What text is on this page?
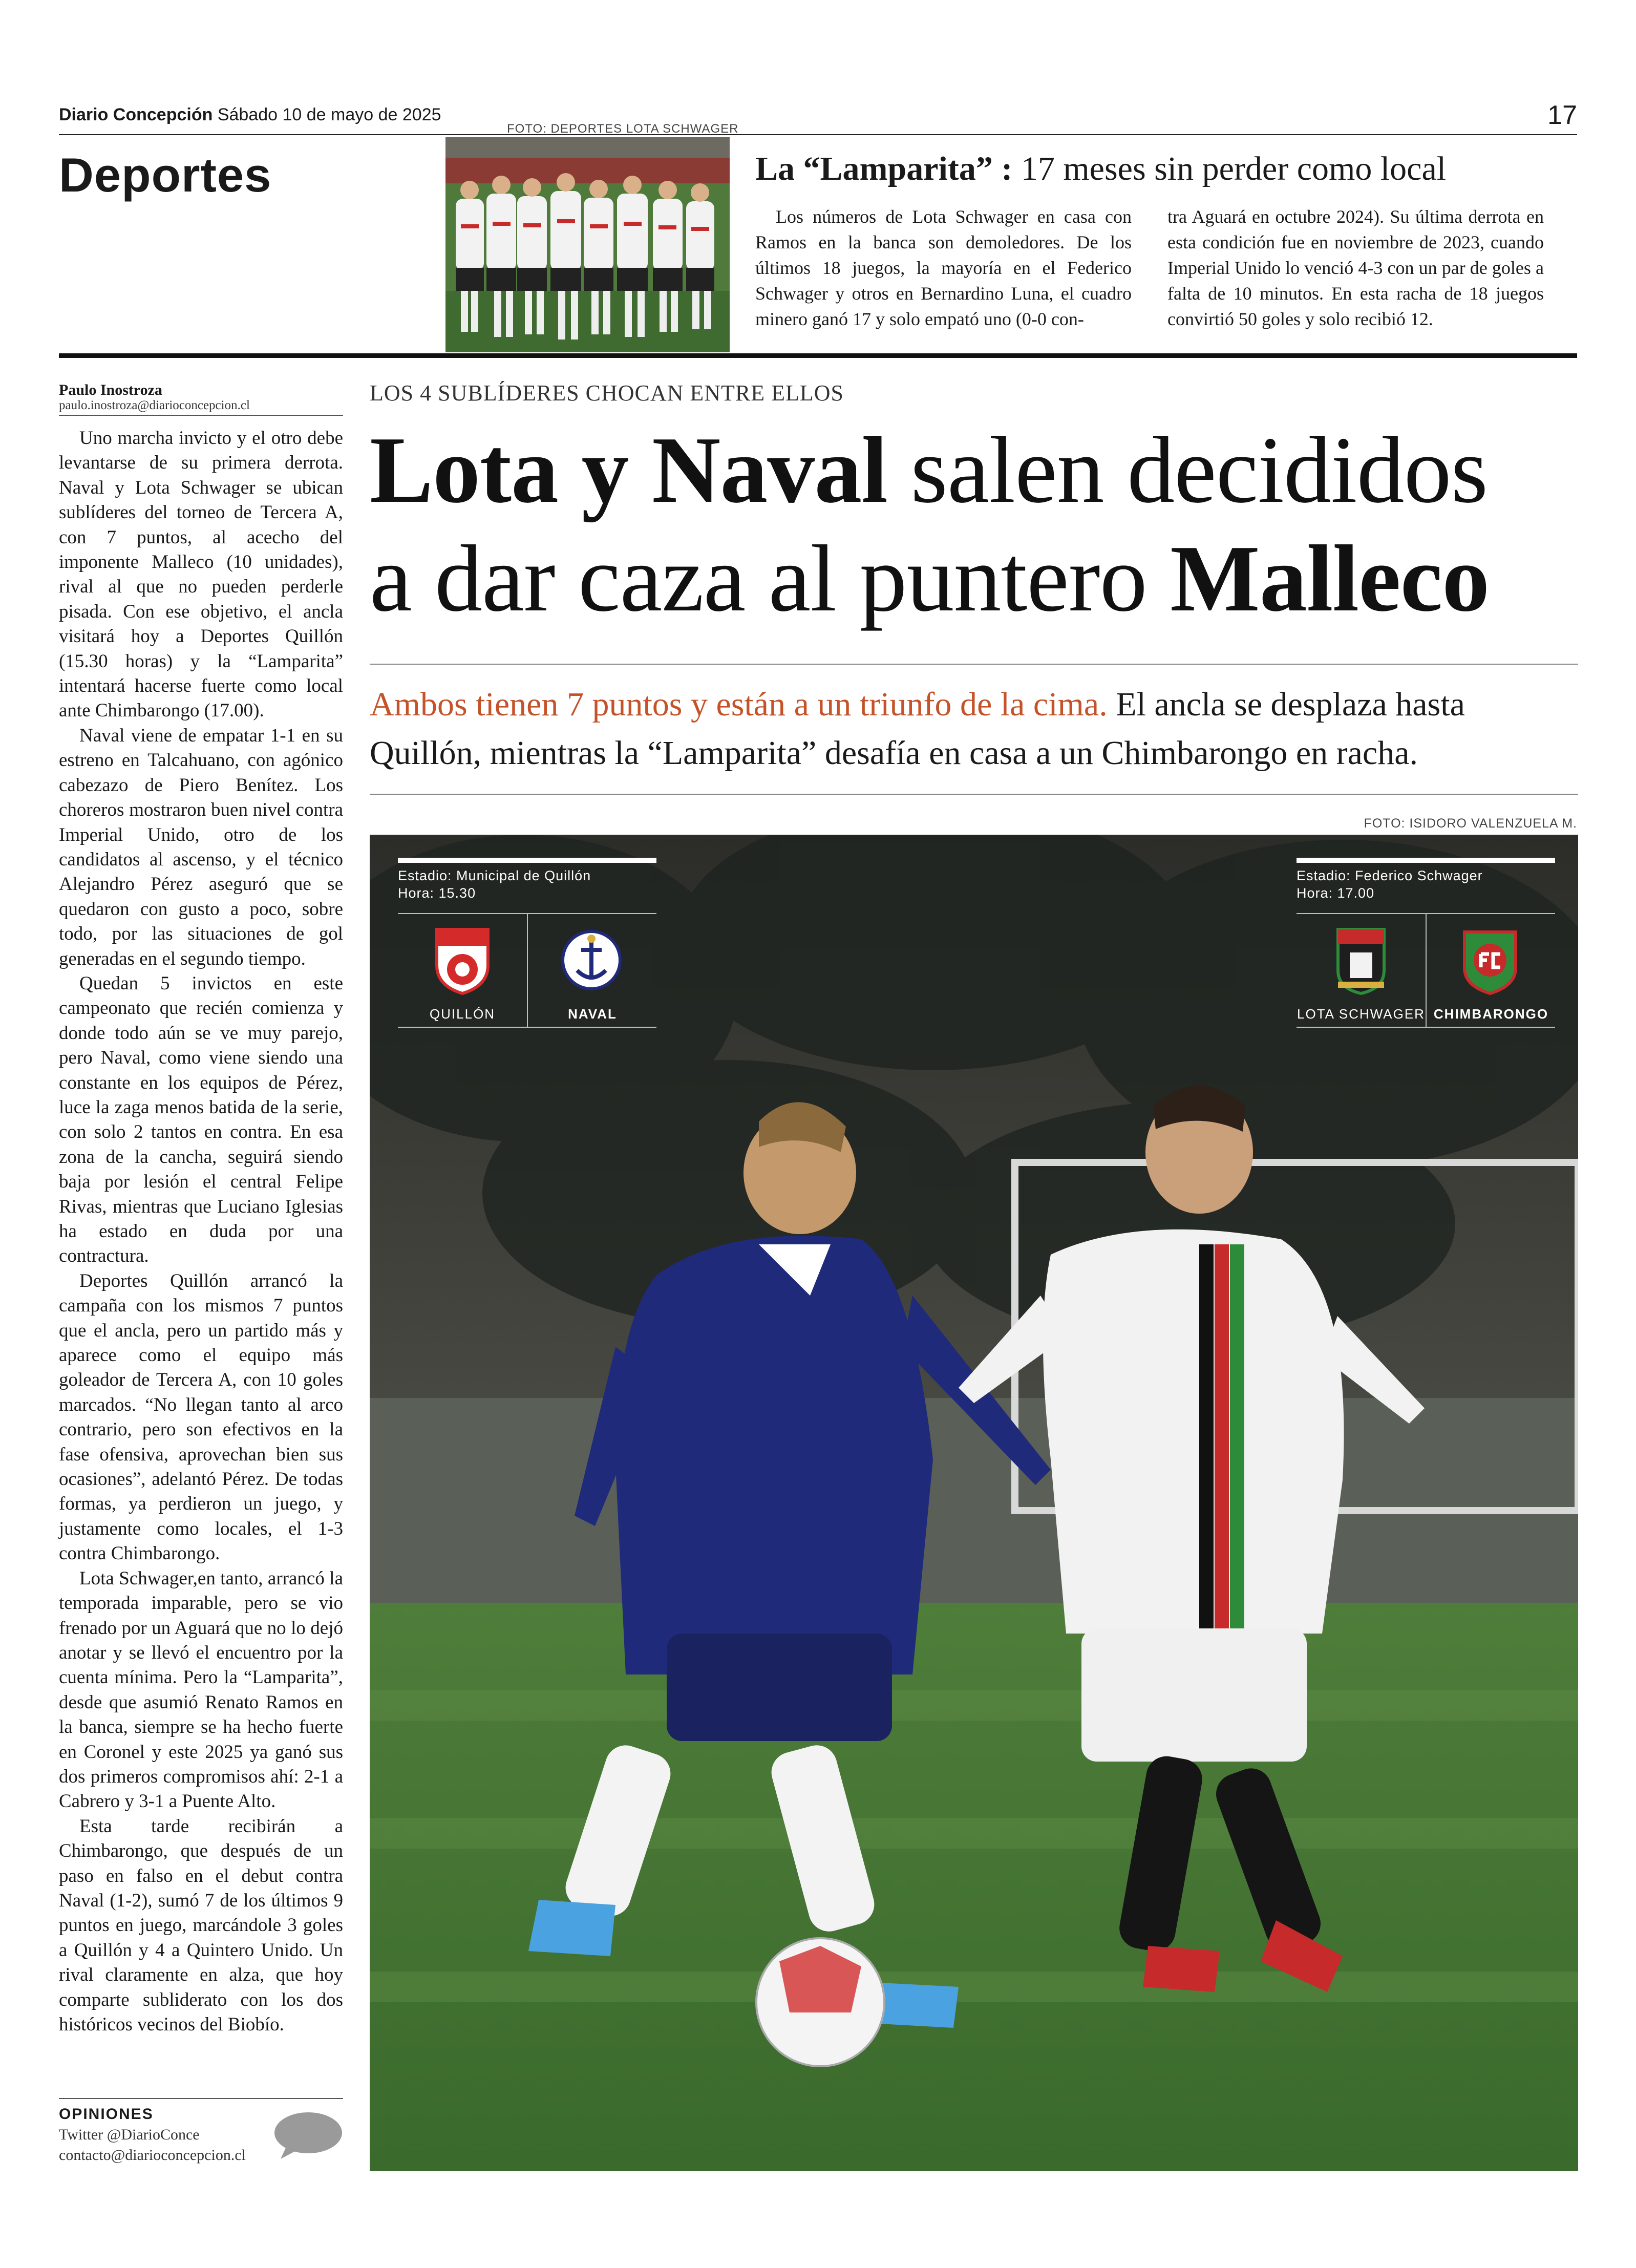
Diario Concepción Sábado 10 de mayo de 2025	17
Deportes
FOTO: DEPORTES LOTA SCHWAGER
La “Lamparita” : 17 meses sin perder como local
Los números de Lota Schwager en casa con Ramos en la banca son demoledores. De los últimos 18 juegos, la mayoría en el Federico Schwager y otros en Bernardino Luna, el cuadro minero ganó 17 y solo empató uno (0-0 con-
tra Aguará en octubre 2024). Su última derrota en esta condición fue en noviembre de 2023, cuando Imperial Unido lo venció 4-3 con un par de goles a falta de 10 minutos. En esta racha de 18 juegos convirtió 50 goles y solo recibió 12.
Paulo Inostroza
paulo.inostroza@diarioconcepcion.cl

Uno marcha invicto y el otro debe levantarse de su primera derrota. Naval y Lota Schwager se ubican sublíderes del torneo de Tercera A, con 7 puntos, al acecho del imponente Malleco (10 unidades), rival al que no pueden perderle pisada. Con ese objetivo, el ancla visitará hoy a Deportes Quillón (15.30 horas) y la “Lamparita” intentará hacerse fuerte como local ante Chimbarongo (17.00).

Naval viene de empatar 1-1 en su estreno en Talcahuano, con agónico cabezazo de Piero Benítez. Los choreros mostraron buen nivel contra Imperial Unido, otro de los candidatos al ascenso, y el técnico Alejandro Pérez aseguró que se quedaron con gusto a poco, sobre todo, por las situaciones de gol generadas en el segundo tiempo.

Quedan 5 invictos en este campeonato que recién comienza y donde todo aún se ve muy parejo, pero Naval, como viene siendo una constante en los equipos de Pérez, luce la zaga menos batida de la serie, con solo 2 tantos en contra. En esa zona de la cancha, seguirá siendo baja por lesión el central Felipe Rivas, mientras que Luciano Iglesias ha estado en duda por una contractura.

Deportes Quillón arrancó la campaña con los mismos 7 puntos que el ancla, pero un partido más y aparece como el equipo más goleador de Tercera A, con 10 goles marcados. “No llegan tanto al arco contrario, pero son efectivos en la fase ofensiva, aprovechan bien sus ocasiones”, adelantó Pérez. De todas formas, ya perdieron un juego, y justamente como locales, el 1-3 contra Chimbarongo.

Lota Schwager,en tanto, arrancó la temporada imparable, pero se vio frenado por un Aguará que no lo dejó anotar y se llevó el encuentro por la cuenta mínima. Pero la “Lamparita”, desde que asumió Renato Ramos en la banca, siempre se ha hecho fuerte en Coronel y este 2025 ya ganó sus dos primeros compromisos ahí: 2-1 a Cabrero y 3-1 a Puente Alto.

Esta tarde recibirán a Chimbarongo, que después de un paso en falso en el debut contra Naval (1-2), sumó 7 de los últimos 9 puntos en juego, marcándole 3 goles a Quillón y 4 a Quintero Unido. Un rival claramente en alza, que hoy comparte subliderato con los dos históricos vecinos del Biobío.

OPINIONES
Twitter @DiarioConce
contacto@diarioconcepcion.cl
LOS 4 SUBLÍDERES CHOCAN ENTRE ELLOS
Lota y Naval salen decididos
a dar caza al puntero Malleco
Ambos tienen 7 puntos y están a un triunfo de la cima. El ancla se desplaza hasta Quillón, mientras la “Lamparita” desafía en casa a un Chimbarongo en racha.
FOTO: ISIDORO VALENZUELA M.
Estadio: Municipal de Quillón
Hora: 15.30
QUILLÓN	NAVAL
Estadio: Federico Schwager
Hora: 17.00
LOTA SCHWAGER CHIMBARONGO
